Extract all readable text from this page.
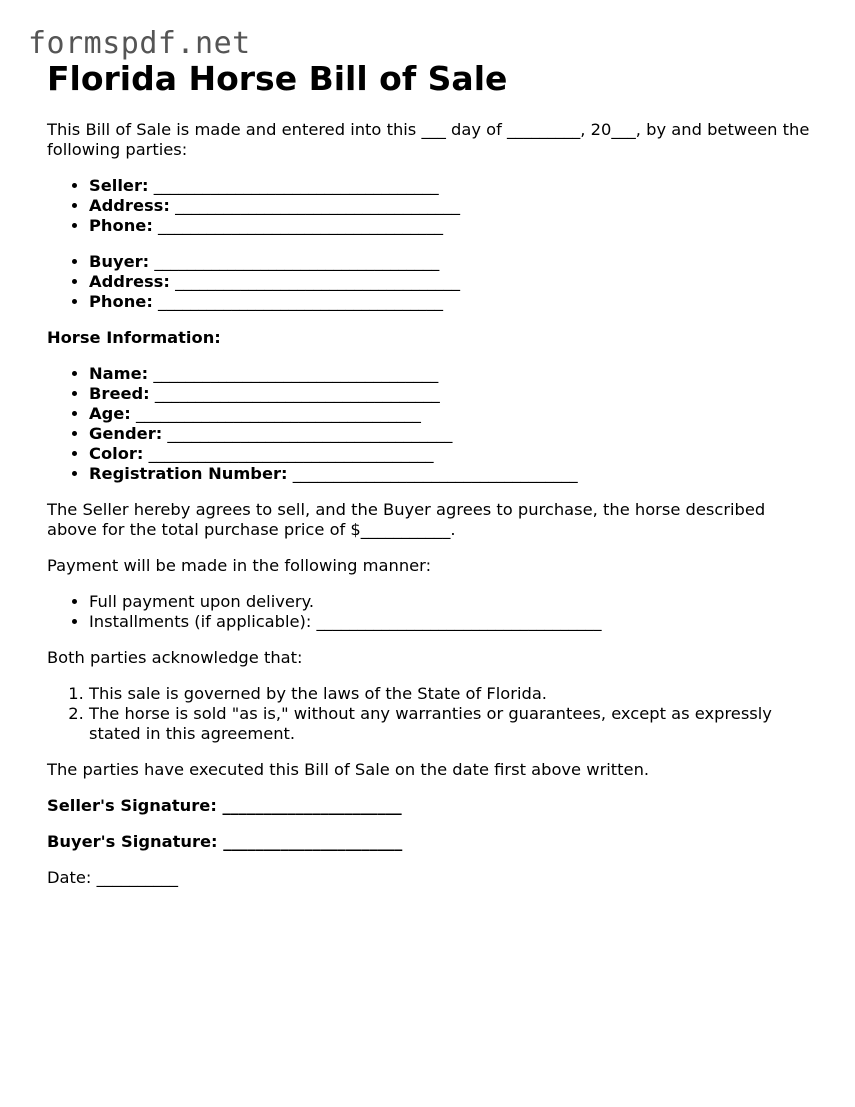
formspdf.net
Florida Horse Bill of Sale

This Bill of Sale is made and entered into this ___ day of _________, 20___, by and between the following parties:

• Seller: ___________________________________
• Address: ___________________________________
• Phone: ___________________________________
• Buyer: ___________________________________
• Address: ___________________________________
• Phone: ___________________________________
Horse Information:
• Name: ___________________________________
• Breed: ___________________________________
• Age: ___________________________________
• Gender: ___________________________________
• Color: ___________________________________
• Registration Number: ___________________________________

The Seller hereby agrees to sell, and the Buyer agrees to purchase, the horse described above for the total purchase price of $___________.

Payment will be made in the following manner:

• Full payment upon delivery.
• Installments (if applicable): ___________________________________

Both parties acknowledge that:

1. This sale is governed by the laws of the State of Florida.
2. The horse is sold "as is," without any warranties or guarantees, except as expressly stated in this agreement.

The parties have executed this Bill of Sale on the date first above written.

Seller's Signature: ______________________
Buyer's Signature: ______________________

Date: __________
